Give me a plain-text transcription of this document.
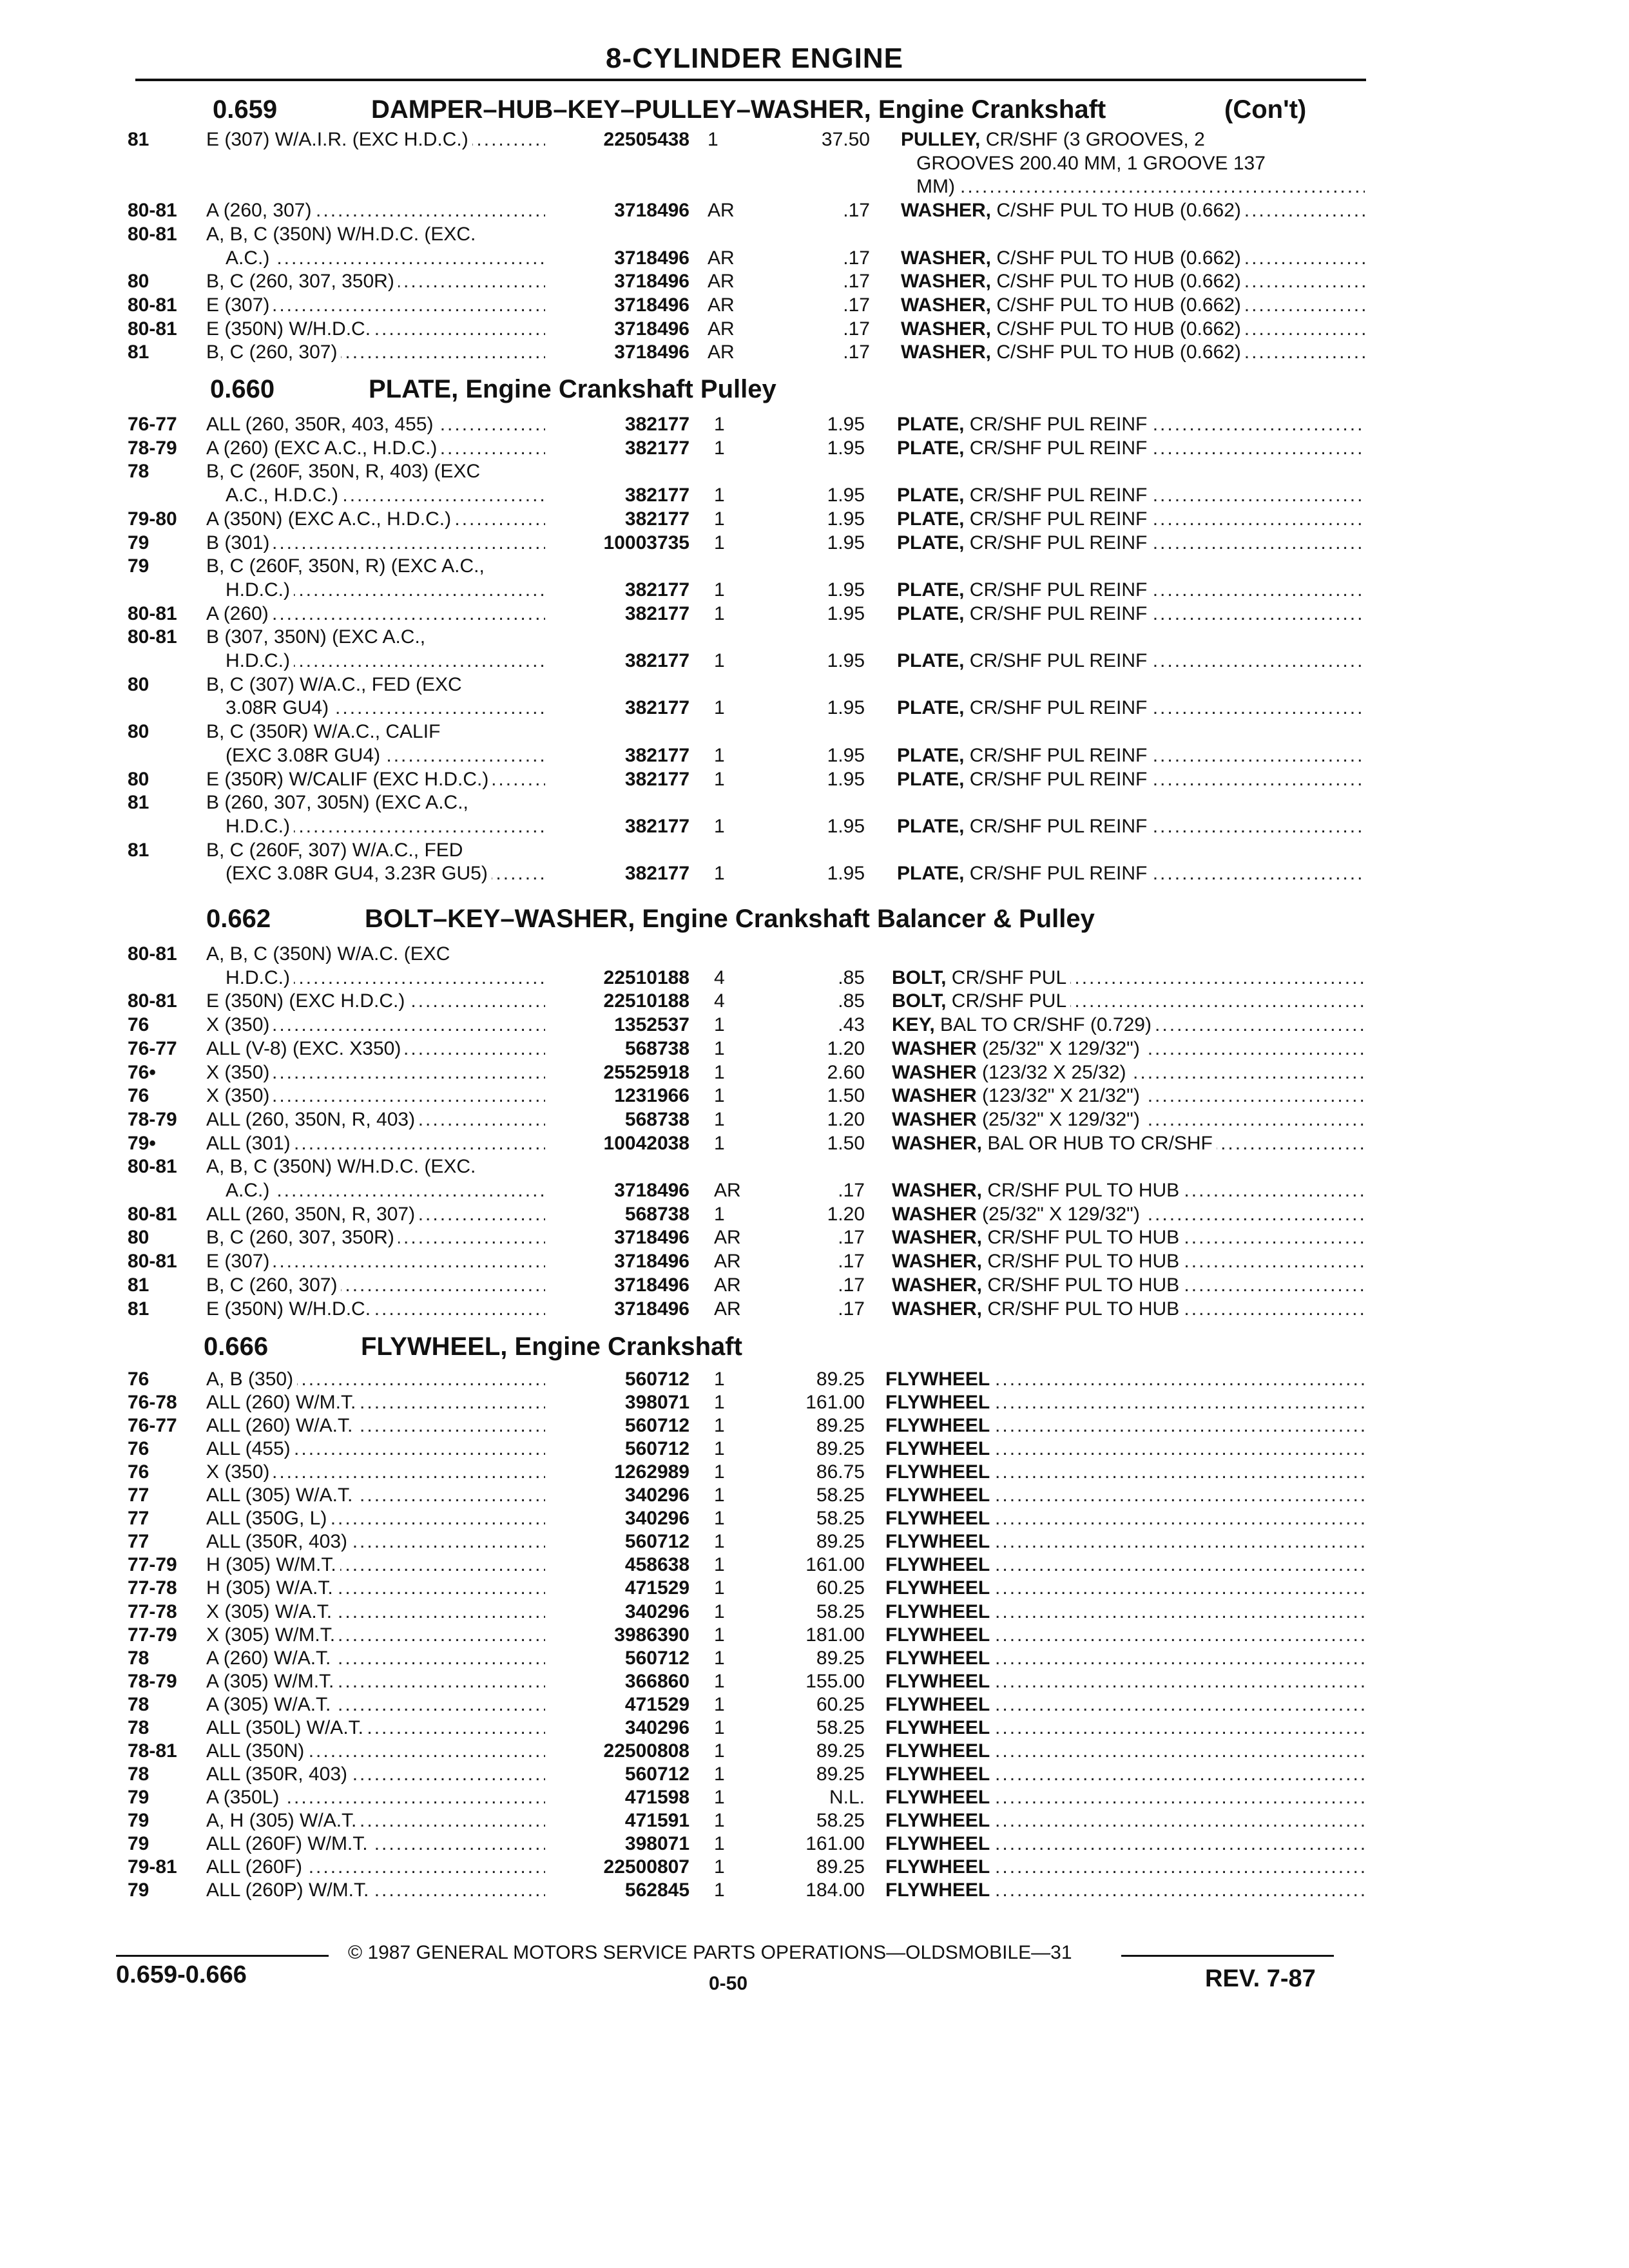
8-CYLINDER ENGINE
0.659	DAMPER–HUB–KEY–PULLEY–WASHER, Engine Crankshaft	(Con't)
81	E (307) W/A.I.R. (EXC H.D.C.) .....	22505438 1	37.50 PULLEY, CR/SHF (3 GROOVES, 2
GROOVES 200.40 MM, 1 GROOVE 137
MM) .....
80-81 A (260, 307) .....	3718496 AR	.17 WASHER, C/SHF PUL TO HUB (0.662) .....
80-81 A, B, C (350N) W/H.D.C. (EXC.
A.C.) .....	3718496 AR	.17 WASHER, C/SHF PUL TO HUB (0.662) .....
80	B, C (260, 307, 350R) .....	3718496 AR	.17 WASHER, C/SHF PUL TO HUB (0.662) .....
80-81 E (307) .....	3718496 AR	.17 WASHER, C/SHF PUL TO HUB (0.662) .....
80-81 E (350N) W/H.D.C. .....	3718496 AR	.17 WASHER, C/SHF PUL TO HUB (0.662) .....
81	B, C (260, 307) .....	3718496 AR	.17 WASHER, C/SHF PUL TO HUB (0.662) .....
0.660	PLATE, Engine Crankshaft Pulley
76-77 ALL (260, 350R, 403, 455) .....	382177 1	1.95 PLATE, CR/SHF PUL REINF .....
78-79 A (260) (EXC A.C., H.D.C.) .....	382177 1	1.95 PLATE, CR/SHF PUL REINF .....
78	B, C (260F, 350N, R, 403) (EXC
A.C., H.D.C.) .....	382177 1	1.95 PLATE, CR/SHF PUL REINF .....
79-80 A (350N) (EXC A.C., H.D.C.) .....	382177 1	1.95 PLATE, CR/SHF PUL REINF .....
79	B (301) .....	10003735 1	1.95 PLATE, CR/SHF PUL REINF .....
79	B, C (260F, 350N, R) (EXC A.C.,
H.D.C.) .....	382177 1	1.95 PLATE, CR/SHF PUL REINF .....
80-81 A (260) .....	382177 1	1.95 PLATE, CR/SHF PUL REINF .....
80-81 B (307, 350N) (EXC A.C.,
H.D.C.) .....	382177 1	1.95 PLATE, CR/SHF PUL REINF .....
80	B, C (307) W/A.C., FED (EXC
3.08R GU4) .....	382177 1	1.95 PLATE, CR/SHF PUL REINF .....
80	B, C (350R) W/A.C., CALIF
(EXC 3.08R GU4) .....	382177 1	1.95 PLATE, CR/SHF PUL REINF .....
80	E (350R) W/CALIF (EXC H.D.C.) .....	382177 1	1.95 PLATE, CR/SHF PUL REINF .....
81	B (260, 307, 305N) (EXC A.C.,
H.D.C.) .....	382177 1	1.95 PLATE, CR/SHF PUL REINF .....
81	B, C (260F, 307) W/A.C., FED
(EXC 3.08R GU4, 3.23R GU5) .....	382177 1	1.95 PLATE, CR/SHF PUL REINF .....
0.662	BOLT–KEY–WASHER, Engine Crankshaft Balancer & Pulley
80-81 A, B, C (350N) W/A.C. (EXC
H.D.C.) .....	22510188 4	.85 BOLT, CR/SHF PUL .....
80-81 E (350N) (EXC H.D.C.) .....	22510188 4	.85 BOLT, CR/SHF PUL .....
76	X (350) .....	1352537 1	.43 KEY, BAL TO CR/SHF (0.729) .....
76-77 ALL (V-8) (EXC. X350) .....	568738 1	1.20 WASHER (25/32" X 129/32") .....
76•	X (350) .....	25525918 1	2.60 WASHER (123/32 X 25/32) .....
76	X (350) .....	1231966 1	1.50 WASHER (123/32" X 21/32") .....
78-79 ALL (260, 350N, R, 403) .....	568738 1	1.20 WASHER (25/32" X 129/32") .....
79•	ALL (301) .....	10042038 1	1.50 WASHER, BAL OR HUB TO CR/SHF .....
80-81 A, B, C (350N) W/H.D.C. (EXC.
A.C.) .....	3718496 AR	.17 WASHER, CR/SHF PUL TO HUB .....
80-81 ALL (260, 350N, R, 307) .....	568738 1	1.20 WASHER (25/32" X 129/32") .....
80	B, C (260, 307, 350R) .....	3718496 AR	.17 WASHER, CR/SHF PUL TO HUB .....
80-81 E (307) .....	3718496 AR	.17 WASHER, CR/SHF PUL TO HUB .....
81	B, C (260, 307) .....	3718496 AR	.17 WASHER, CR/SHF PUL TO HUB .....
81	E (350N) W/H.D.C. .....	3718496 AR	.17 WASHER, CR/SHF PUL TO HUB .....
0.666	FLYWHEEL, Engine Crankshaft
76	A, B (350) .....	560712 1	89.25 FLYWHEEL .....
76-78 ALL (260) W/M.T. .....	398071 1	161.00 FLYWHEEL .....
76-77 ALL (260) W/A.T. .....	560712 1	89.25 FLYWHEEL .....
76	ALL (455) .....	560712 1	89.25 FLYWHEEL .....
76	X (350) .....	1262989 1	86.75 FLYWHEEL .....
77	ALL (305) W/A.T. .....	340296 1	58.25 FLYWHEEL .....
77	ALL (350G, L) .....	340296 1	58.25 FLYWHEEL .....
77	ALL (350R, 403) .....	560712 1	89.25 FLYWHEEL .....
77-79 H (305) W/M.T. .....	458638 1	161.00 FLYWHEEL .....
77-78 H (305) W/A.T. .....	471529 1	60.25 FLYWHEEL .....
77-78 X (305) W/A.T. .....	340296 1	58.25 FLYWHEEL .....
77-79 X (305) W/M.T. .....	3986390 1	181.00 FLYWHEEL .....
78	A (260) W/A.T. .....	560712 1	89.25 FLYWHEEL .....
78-79 A (305) W/M.T. .....	366860 1	155.00 FLYWHEEL .....
78	A (305) W/A.T. .....	471529 1	60.25 FLYWHEEL .....
78	ALL (350L) W/A.T. .....	340296 1	58.25 FLYWHEEL .....
78-81 ALL (350N) .....	22500808 1	89.25 FLYWHEEL .....
78	ALL (350R, 403) .....	560712 1	89.25 FLYWHEEL .....
79	A (350L) .....	471598 1	N.L. FLYWHEEL .....
79	A, H (305) W/A.T. .....	471591 1	58.25 FLYWHEEL .....
79	ALL (260F) W/M.T. .....	398071 1	161.00 FLYWHEEL .....
79-81 ALL (260F) .....	22500807 1	89.25 FLYWHEEL .....
79	ALL (260P) W/M.T. .....	562845 1	184.00 FLYWHEEL .....
© 1987 GENERAL MOTORS SERVICE PARTS OPERATIONS—OLDSMOBILE—31
0.659-0.666	0-50	REV. 7-87
